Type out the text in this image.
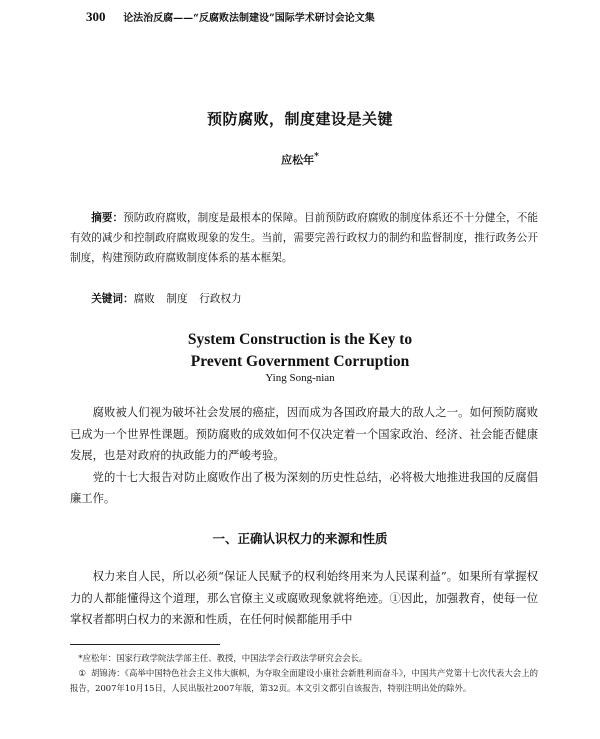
300 论法治反腐——“反腐败法制建设”国际学术研讨会论文集
预防腐败，制度建设是关键
应松年*
摘要：预防政府腐败，制度是最根本的保障。目前预防政府腐败的制度体系还不十分健全，不能有效的减少和控制政府腐败现象的发生。当前，需要完善行政权力的制约和监督制度，推行政务公开制度，构建预防政府腐败制度体系的基本框架。
关键词：腐败 制度 行政权力
System Construction is the Key to
Prevent Government Corruption
Ying Song-nian

腐败被人们视为破坏社会发展的癌症，因而成为各国政府最大的敌人之一。如何预防腐败已成为一个世界性课题。预防腐败的成效如何不仅决定着一个国家政治、经济、社会能否健康发展，也是对政府的执政能力的严峻考验。

党的十七大报告对防止腐败作出了极为深刻的历史性总结，必将极大地推进我国的反腐倡廉工作。

一、正确认识权力的来源和性质

权力来自人民，所以必须“保证人民赋予的权利始终用来为人民谋利益”。如果所有掌握权力的人都能懂得这个道理，那么官僚主义或腐败现象就将绝迹。①因此，加强教育，使每一位掌权者都明白权力的来源和性质，在任何时候都能用手中

*应松年：国家行政学院法学部主任、教授，中国法学会行政法学研究会会长。

① 胡锦涛：《高举中国特色社会主义伟大旗帜，为夺取全面建设小康社会新胜利而奋斗》，中国共产党第十七次代表大会上的报告，2007年10月15日，人民出版社2007年版，第32页。本文引文都引自该报告，特别注明出处的除外。
